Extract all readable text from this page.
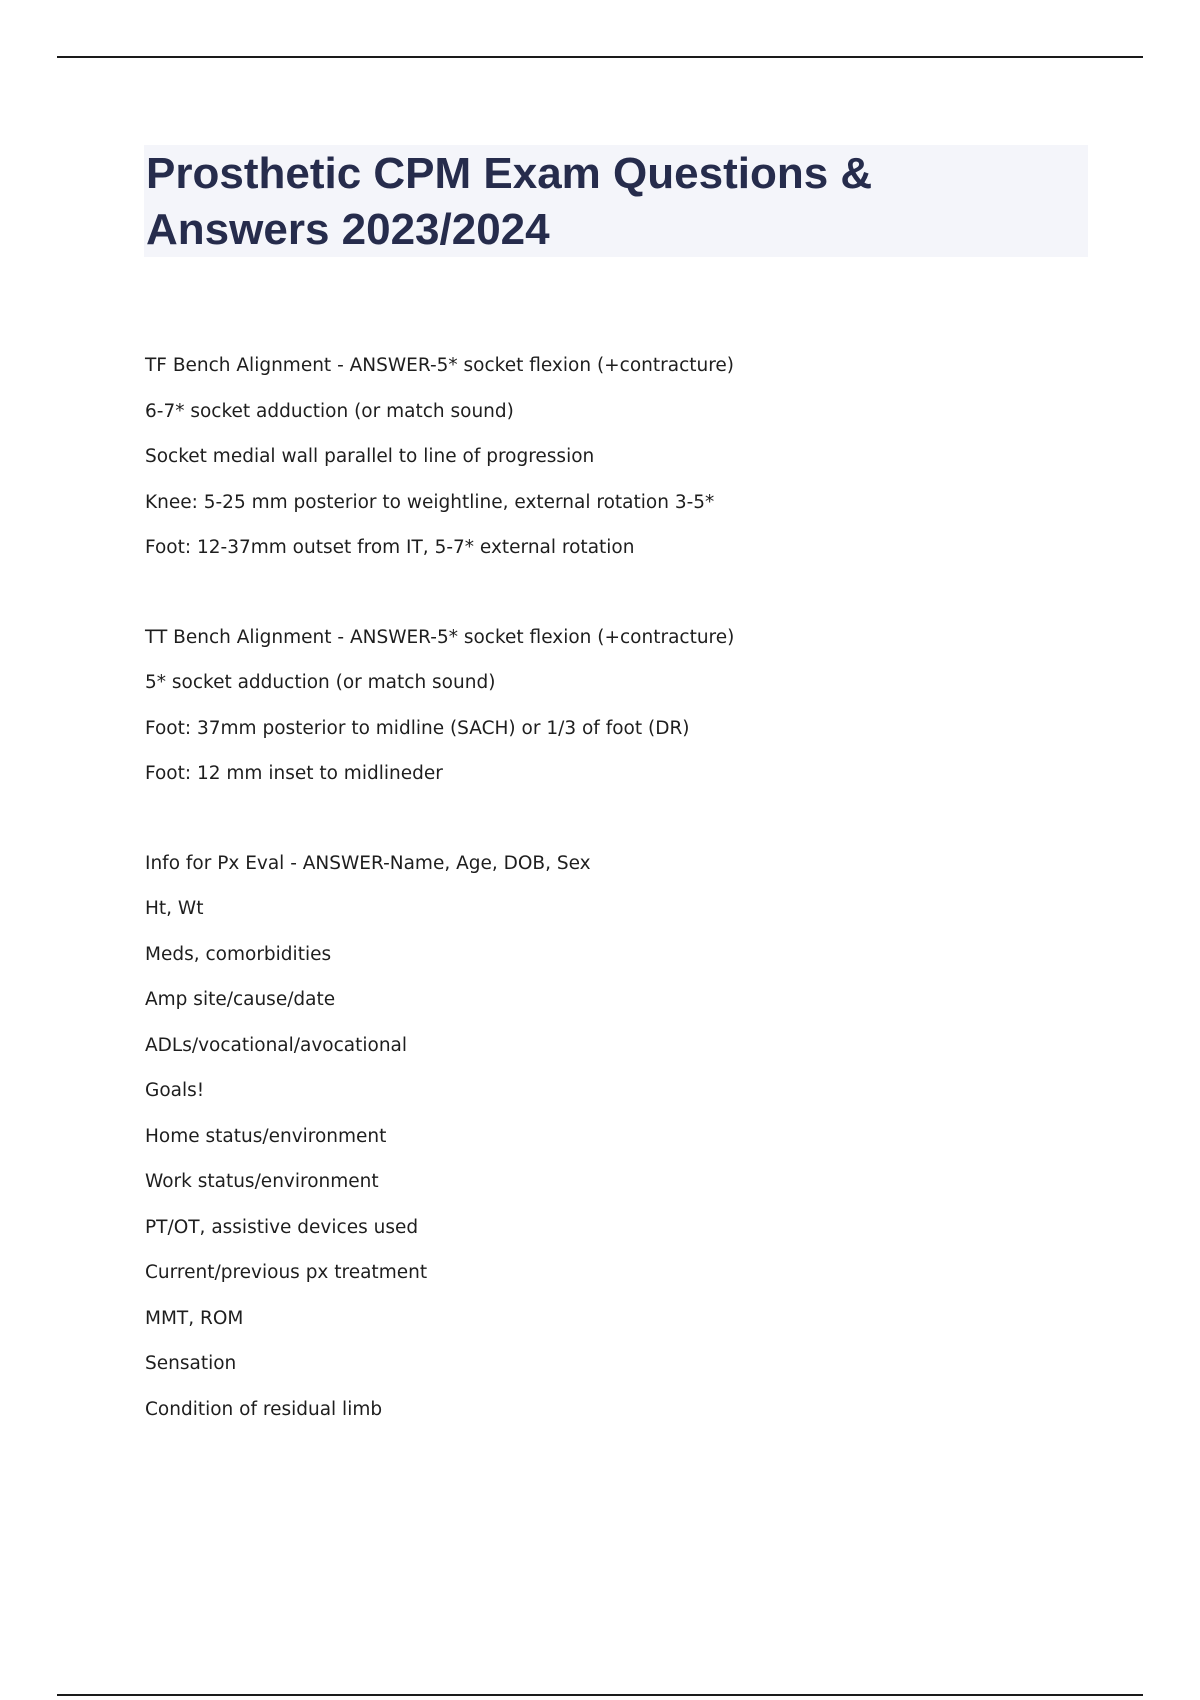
Prosthetic CPM Exam Questions &
Answers 2023/2024
TF Bench Alignment - ANSWER-5* socket flexion (+contracture)
6-7* socket adduction (or match sound)
Socket medial wall parallel to line of progression
Knee: 5-25 mm posterior to weightline, external rotation 3-5*
Foot: 12-37mm outset from IT, 5-7* external rotation
TT Bench Alignment - ANSWER-5* socket flexion (+contracture)
5* socket adduction (or match sound)
Foot: 37mm posterior to midline (SACH) or 1/3 of foot (DR)
Foot: 12 mm inset to midlineder
Info for Px Eval - ANSWER-Name, Age, DOB, Sex
Ht, Wt
Meds, comorbidities
Amp site/cause/date
ADLs/vocational/avocational
Goals!
Home status/environment
Work status/environment
PT/OT, assistive devices used
Current/previous px treatment
MMT, ROM
Sensation
Condition of residual limb
